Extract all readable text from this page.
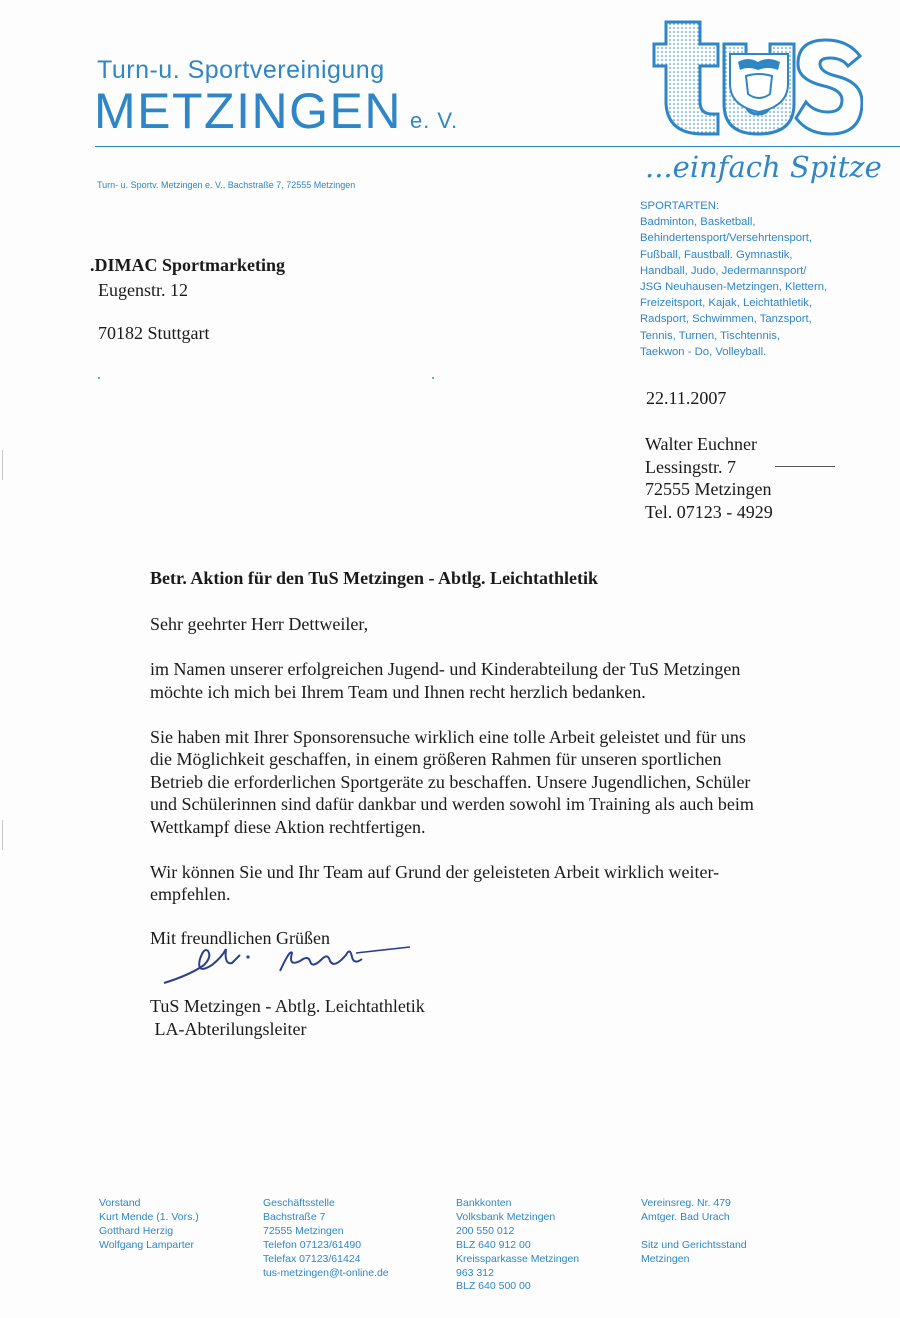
Turn-u. Sportvereinigung
METZINGEN e. V.
Turn- u. Sportv. Metzingen e. V., Bachstraße 7, 72555 Metzingen
...einfach Spitze
SPORTARTEN:
Badminton, Basketball,
Behindertensport/Versehrtensport,
Fußball, Faustball. Gymnastik,
Handball, Judo, Jedermannsport/
JSG Neuhausen-Metzingen, Klettern,
Freizeitsport, Kajak, Leichtathletik,
Radsport, Schwimmen, Tanzsport,
Tennis, Turnen, Tischtennis,
Taekwon - Do, Volleyball.
.DIMAC Sportmarketing
Eugenstr. 12
70182 Stuttgart
22.11.2007
Walter Euchner
Lessingstr. 7
72555 Metzingen
Tel. 07123 - 4929
Betr. Aktion für den TuS Metzingen - Abtlg. Leichtathletik

Sehr geehrter Herr Dettweiler,

im Namen unserer erfolgreichen Jugend- und Kinderabteilung der TuS Metzingen
möchte ich mich bei Ihrem Team und Ihnen recht herzlich bedanken.

Sie haben mit Ihrer Sponsorensuche wirklich eine tolle Arbeit geleistet und für uns
die Möglichkeit geschaffen, in einem größeren Rahmen für unseren sportlichen
Betrieb die erforderlichen Sportgeräte zu beschaffen. Unsere Jugendlichen, Schüler
und Schülerinnen sind dafür dankbar und werden sowohl im Training als auch beim
Wettkampf diese Aktion rechtfertigen.

Wir können Sie und Ihr Team auf Grund der geleisteten Arbeit wirklich weiter-
empfehlen.

Mit freundlichen Grüßen
TuS Metzingen - Abtlg. Leichtathletik
LA-Abterilungsleiter
Vorstand
Kurt Mende (1. Vors.)
Gotthard Herzig
Wolfgang Lamparter
Geschäftsstelle
Bachstraße 7
72555 Metzingen
Telefon 07123/61490
Telefax 07123/61424
tus-metzingen@t-online.de
Bankkonten
Volksbank Metzingen
200 550 012
BLZ 640 912 00
Kreissparkasse Metzingen
963 312
BLZ 640 500 00
Vereinsreg. Nr. 479
Amtger. Bad Urach
Sitz und Gerichtsstand
Metzingen
